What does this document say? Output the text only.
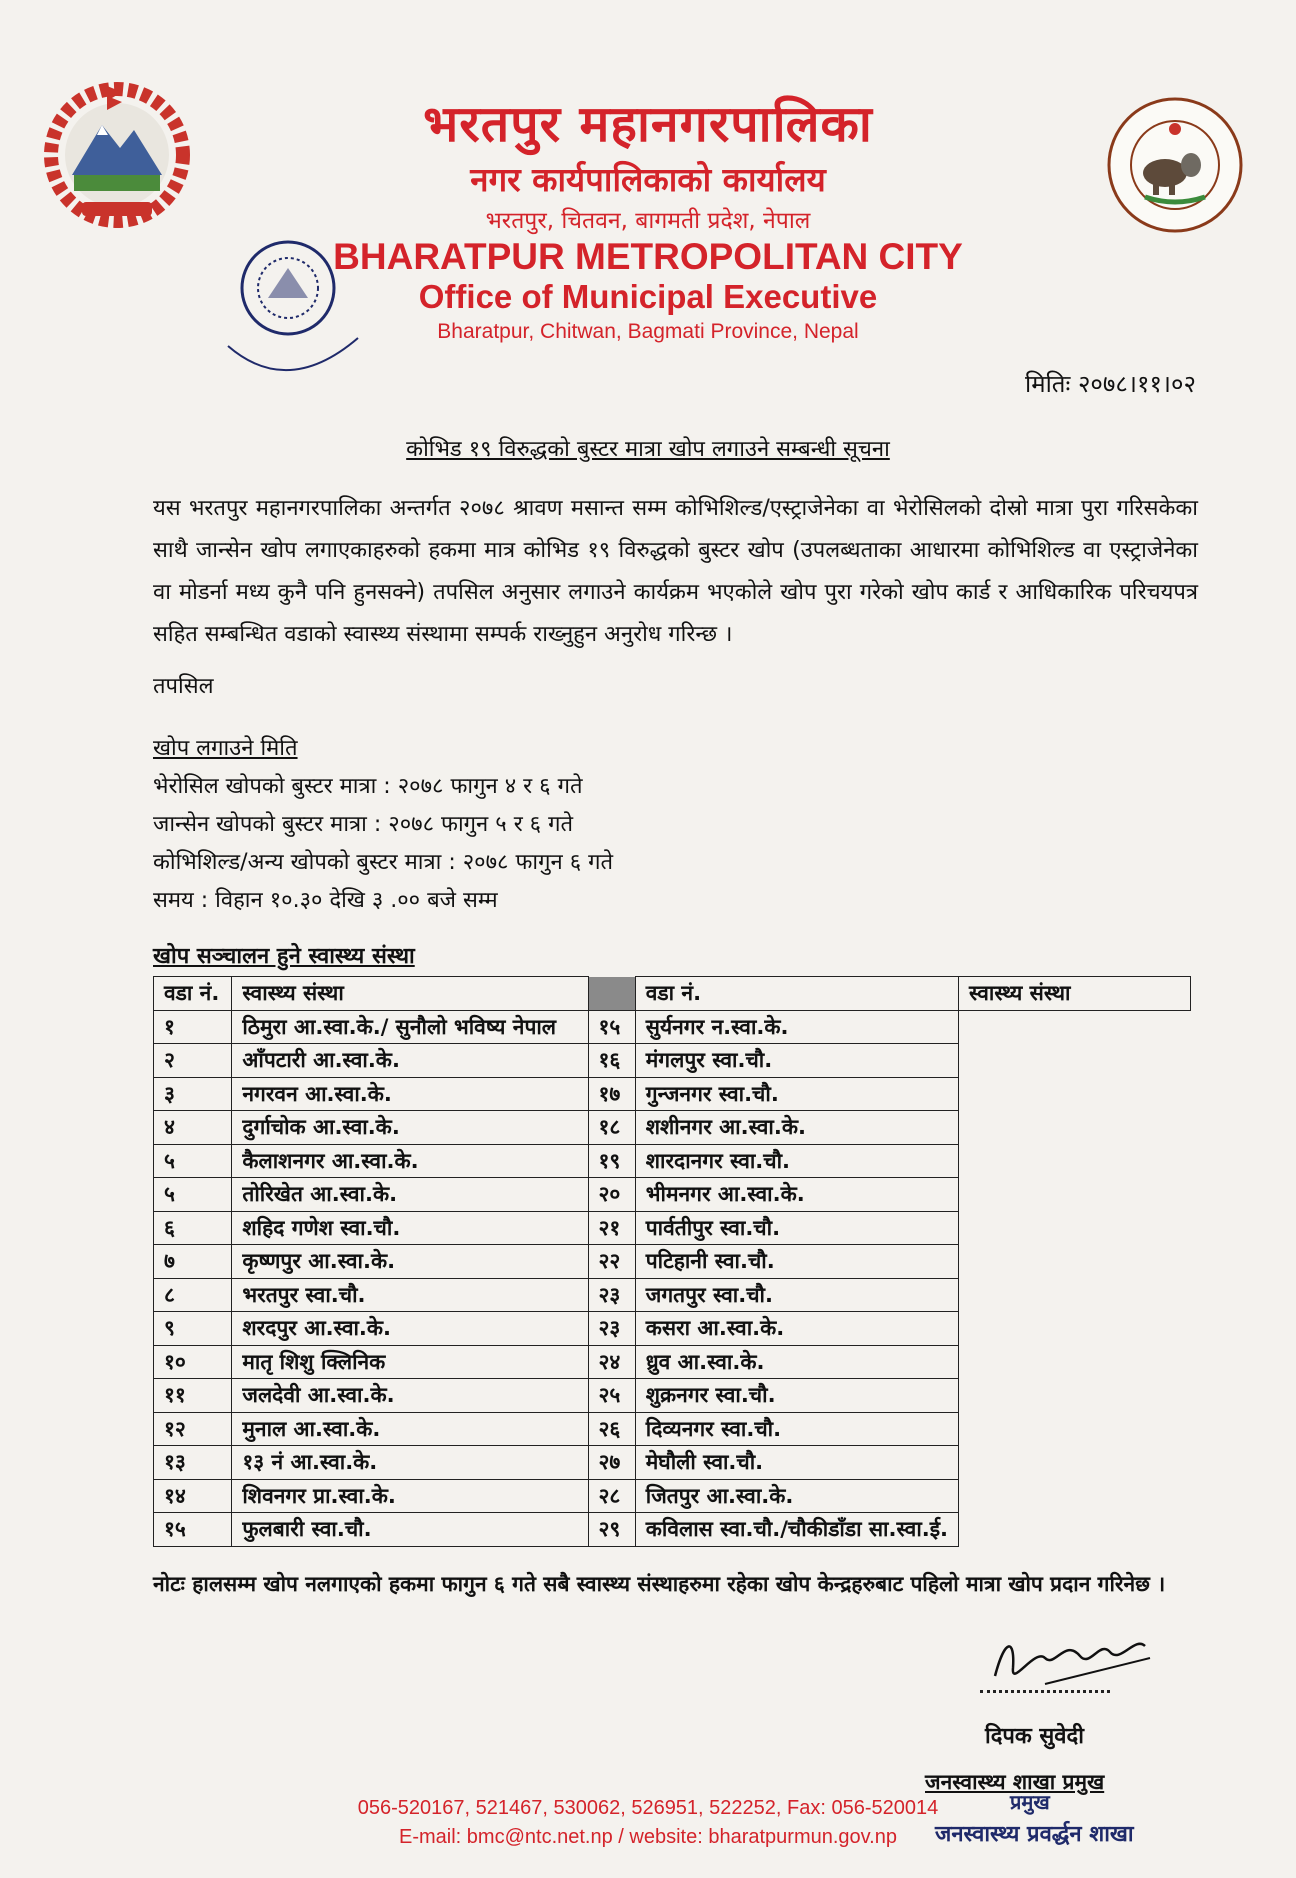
भरतपुर महानगरपालिका
नगर कार्यपालिकाको कार्यालय
भरतपुर, चितवन, बागमती प्रदेश, नेपाल
BHARATPUR METROPOLITAN CITY
Office of Municipal Executive
Bharatpur, Chitwan, Bagmati Province, Nepal
मितिः २०७८।११।०२
कोभिड १९ विरुद्धको बुस्टर मात्रा खोप लगाउने सम्बन्धी सूचना
यस भरतपुर महानगरपालिका अन्तर्गत २०७८ श्रावण मसान्त सम्म कोभिशिल्ड/एस्ट्राजेनेका वा भेरोसिलको दोस्रो मात्रा पुरा गरिसकेका साथै जान्सेन खोप लगाएकाहरुको हकमा मात्र कोभिड १९ विरुद्धको बुस्टर खोप (उपलब्धताका आधारमा कोभिशिल्ड वा एस्ट्राजेनेका वा मोडर्ना मध्य कुनै पनि हुनसक्ने) तपसिल अनुसार लगाउने कार्यक्रम भएकोले खोप पुरा गरेको खोप कार्ड र आधिकारिक परिचयपत्र सहित सम्बन्धित वडाको स्वास्थ्य संस्थामा सम्पर्क राख्नुहुन अनुरोध गरिन्छ ।
तपसिल
खोप लगाउने मिति
भेरोसिल खोपको बुस्टर मात्रा : २०७८ फागुन ४ र ६ गते
जान्सेन खोपको बुस्टर मात्रा : २०७८ फागुन ५ र ६ गते
कोभिशिल्ड/अन्य खोपको बुस्टर मात्रा : २०७८ फागुन ६ गते
समय : विहान १०.३० देखि ३ .०० बजे सम्म
खोप सञ्चालन हुने स्वास्थ्य संस्था
वडा नं.	स्वास्थ्य संस्था		वडा नं.	स्वास्थ्य संस्था
१	ठिमुरा आ.स्वा.के./ सुनौलो भविष्य नेपाल	१५	सुर्यनगर न.स्वा.के.	
२	आँपटारी आ.स्वा.के.	१६	मंगलपुर स्वा.चौ.	
३	नगरवन आ.स्वा.के.	१७	गुन्जनगर स्वा.चौ.	
४	दुर्गाचोक आ.स्वा.के.	१८	शशीनगर आ.स्वा.के.	
५	कैलाशनगर आ.स्वा.के.	१९	शारदानगर स्वा.चौ.	
५	तोरिखेत आ.स्वा.के.	२०	भीमनगर आ.स्वा.के.	
६	शहिद गणेश स्वा.चौ.	२१	पार्वतीपुर स्वा.चौ.	
७	कृष्णपुर आ.स्वा.के.	२२	पटिहानी स्वा.चौ.	
८	भरतपुर स्वा.चौ.	२३	जगतपुर स्वा.चौ.	
९	शरदपुर आ.स्वा.के.	२३	कसरा आ.स्वा.के.	
१०	मातृ शिशु क्लिनिक	२४	ध्रुव आ.स्वा.के.	
११	जलदेवी आ.स्वा.के.	२५	शुक्रनगर स्वा.चौ.	
१२	मुनाल आ.स्वा.के.	२६	दिव्यनगर स्वा.चौ.	
१३	१३ नं आ.स्वा.के.	२७	मेघौली स्वा.चौ.	
१४	शिवनगर प्रा.स्वा.के.	२८	जितपुर आ.स्वा.के.	
१५	फुलबारी स्वा.चौ.	२९	कविलास स्वा.चौ./चौकीडाँडा सा.स्वा.ई.	
नोटः हालसम्म खोप नलगाएको हकमा फागुन ६ गते सबै स्वास्थ्य संस्थाहरुमा रहेका खोप केन्द्रहरुबाट पहिलो मात्रा खोप प्रदान गरिनेछ ।
दिपक सुवेदी
जनस्वास्थ्य शाखा प्रमुख
प्रमुख
जनस्वास्थ्य प्रवर्द्धन शाखा
056-520167, 521467, 530062, 526951, 522252, Fax: 056-520014
E-mail: bmc@ntc.net.np / website: bharatpurmun.gov.np
